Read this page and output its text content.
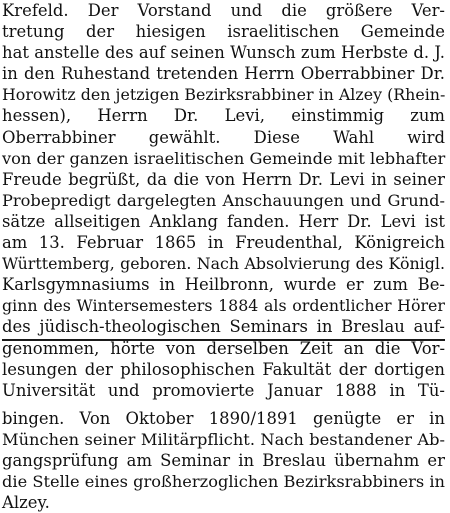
Krefeld. Der Vorstand und die größere Ver-
tretung der hiesigen israelitischen Gemeinde
hat anstelle des auf seinen Wunsch zum Herbste d. J.
in den Ruhestand tretenden Herrn Oberrabbiner Dr.
Horowitz den jetzigen Bezirksrabbiner in Alzey (Rhein-
hessen), Herrn Dr. Levi, einstimmig zum
Oberrabbiner gewählt. Diese Wahl wird
von der ganzen israelitischen Gemeinde mit lebhafter
Freude begrüßt, da die von Herrn Dr. Levi in seiner
Probepredigt dargelegten Anschauungen und Grund-
sätze allseitigen Anklang fanden. Herr Dr. Levi ist
am 13. Februar 1865 in Freudenthal, Königreich
Württemberg, geboren. Nach Absolvierung des Königl.
Karlsgymnasiums in Heilbronn, wurde er zum Be-
ginn des Wintersemesters 1884 als ordentlicher Hörer
des jüdisch-theologischen Seminars in Breslau auf-
genommen, hörte von derselben Zeit an die Vor-
lesungen der philosophischen Fakultät der dortigen
Universität und promovierte Januar 1888 in Tü-
bingen. Von Oktober 1890/1891 genügte er in
München seiner Militärpflicht. Nach bestandener Ab-
gangsprüfung am Seminar in Breslau übernahm er
die Stelle eines großherzoglichen Bezirksrabbiners in
Alzey.
